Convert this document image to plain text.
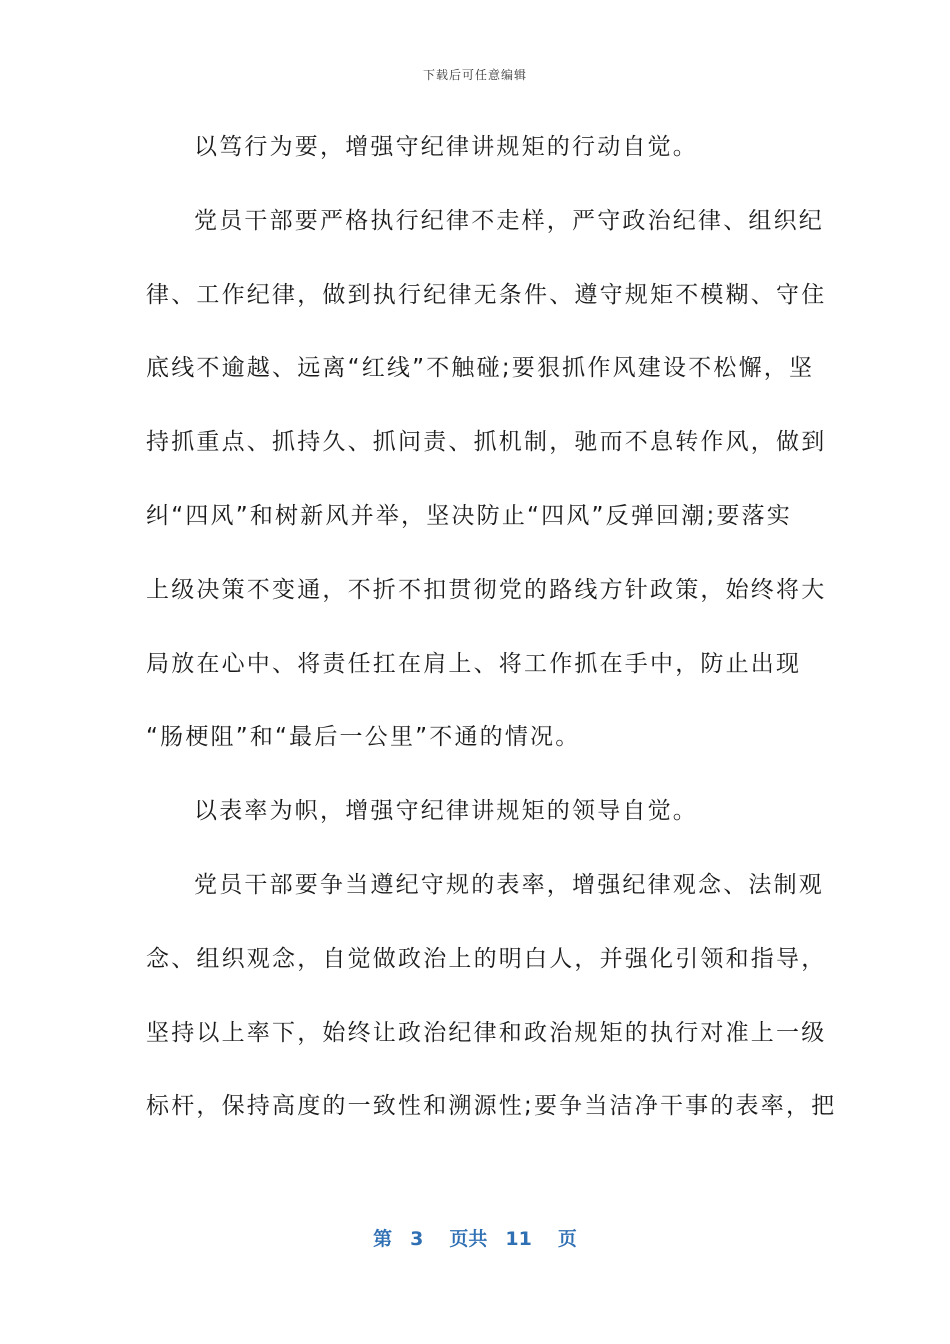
下载后可任意编辑
以笃行为要，增强守纪律讲规矩的行动自觉。
党员干部要严格执行纪律不走样，严守政治纪律、组织纪
律、工作纪律，做到执行纪律无条件、遵守规矩不模糊、守住
底线不逾越、远离“红线”不触碰;要狠抓作风建设不松懈，坚
持抓重点、抓持久、抓问责、抓机制，驰而不息转作风，做到
纠“四风”和树新风并举，坚决防止“四风”反弹回潮;要落实
上级决策不变通，不折不扣贯彻党的路线方针政策，始终将大
局放在心中、将责任扛在肩上、将工作抓在手中，防止出现
“肠梗阻”和“最后一公里”不通的情况。
以表率为帜，增强守纪律讲规矩的领导自觉。
党员干部要争当遵纪守规的表率，增强纪律观念、法制观
念、组织观念，自觉做政治上的明白人，并强化引领和指导，
坚持以上率下，始终让政治纪律和政治规矩的执行对准上一级
标杆，保持高度的一致性和溯源性;要争当洁净干事的表率，把
第 3 页共 11 页
